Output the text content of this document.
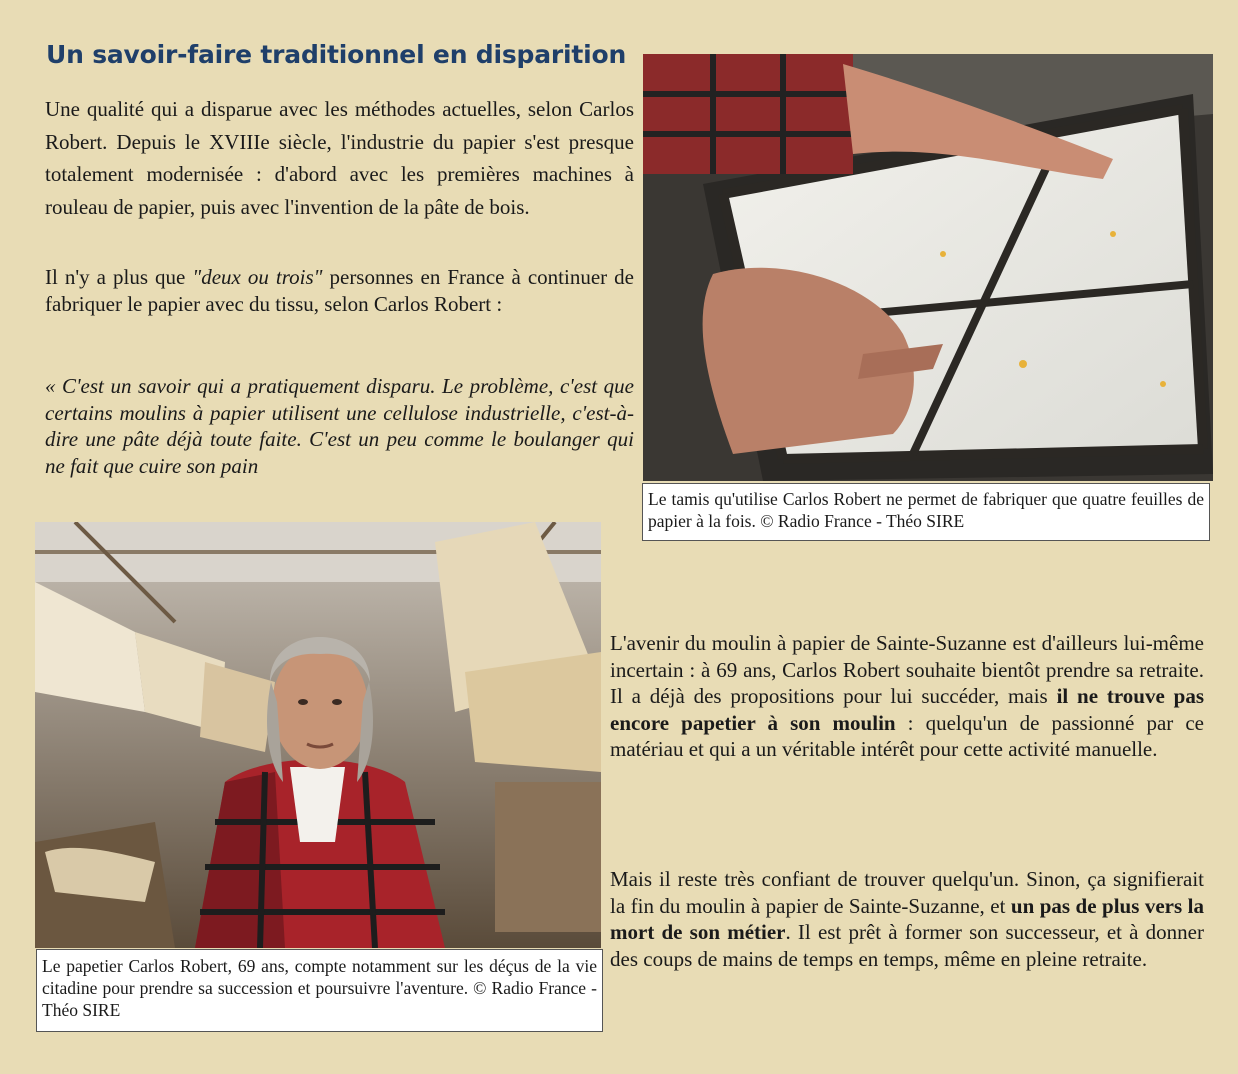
Un savoir-faire traditionnel en disparition

Une qualité qui a disparue avec les méthodes actuelles, selon Carlos Robert. Depuis le XVIIIe siècle, l'industrie du papier s'est presque totalement modernisée : d'abord avec les premières machines à rouleau de papier, puis avec l'invention de la pâte de bois.

Il n'y a plus que "deux ou trois" personnes en France à continuer de fabriquer le papier avec du tissu, selon Carlos Robert :

« C'est un savoir qui a pratiquement disparu. Le problème, c'est que certains moulins à papier utilisent une cellulose industrielle, c'est-à-dire une pâte déjà toute faite. C'est un peu comme le boulanger qui ne fait que cuire son pain

Le tamis qu'utilise Carlos Robert ne permet de fabriquer que quatre feuilles de papier à la fois. © Radio France - Théo SIRE

Le papetier Carlos Robert, 69 ans, compte notamment sur les déçus de la vie citadine pour prendre sa succession et poursuivre l'aventure. © Radio France - Théo SIRE

L'avenir du moulin à papier de Sainte-Suzanne est d'ailleurs lui-même incertain : à 69 ans, Carlos Robert souhaite bientôt prendre sa retraite. Il a déjà des propositions pour lui succéder, mais il ne trouve pas encore papetier à son moulin : quelqu'un de passionné par ce matériau et qui a un véritable intérêt pour cette activité manuelle.

Mais il reste très confiant de trouver quelqu'un. Sinon, ça signifierait la fin du moulin à papier de Sainte-Suzanne, et un pas de plus vers la mort de son métier. Il est prêt à former son successeur, et à donner des coups de mains de temps en temps, même en pleine retraite.
